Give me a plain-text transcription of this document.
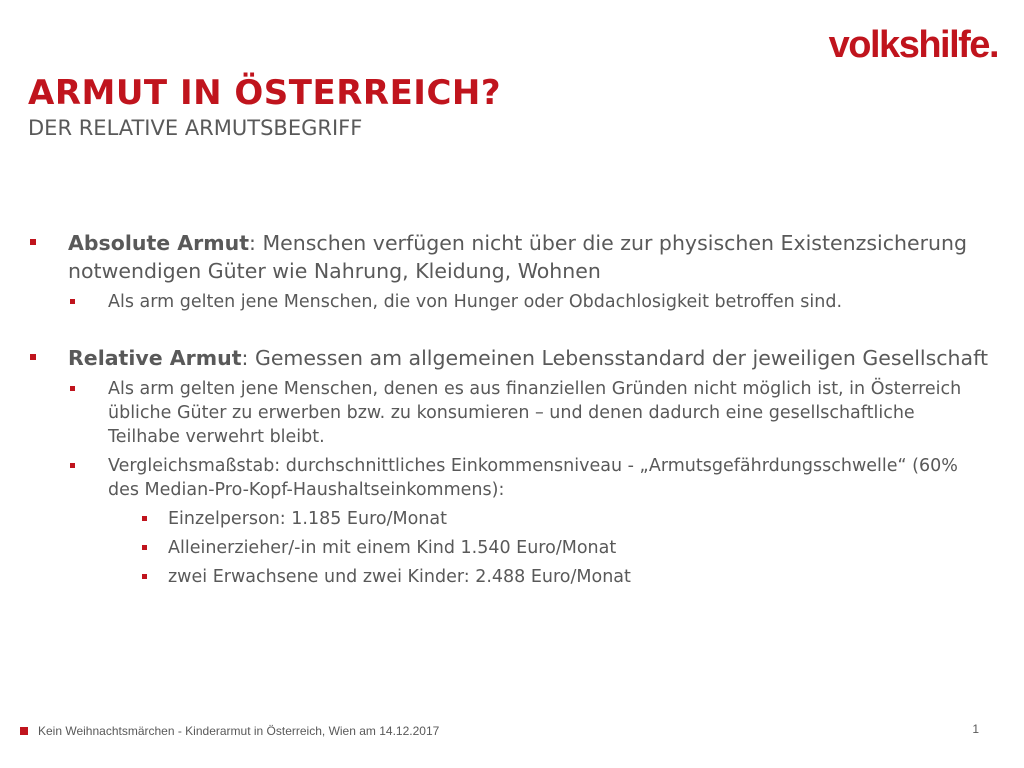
volkshilfe.
ARMUT IN ÖSTERREICH?
DER RELATIVE ARMUTSBEGRIFF
Absolute Armut: Menschen verfügen nicht über die zur physischen Existenzsicherung notwendigen Güter wie Nahrung, Kleidung, Wohnen
Als arm gelten jene Menschen, die von Hunger oder Obdachlosigkeit betroffen sind.
Relative Armut: Gemessen am allgemeinen Lebensstandard der jeweiligen Gesellschaft
Als arm gelten jene Menschen, denen es aus finanziellen Gründen nicht möglich ist, in Österreich übliche Güter zu erwerben bzw. zu konsumieren – und denen dadurch eine gesellschaftliche Teilhabe verwehrt bleibt.
Vergleichsmaßstab: durchschnittliches Einkommensniveau - „Armutsgefährdungsschwelle“ (60% des Median-Pro-Kopf-Haushaltseinkommens):
Einzelperson: 1.185 Euro/Monat
Alleinerzieher/-in mit einem Kind 1.540 Euro/Monat
zwei Erwachsene und zwei Kinder: 2.488 Euro/Monat
Kein Weihnachtsmärchen - Kinderarmut in Österreich, Wien am 14.12.2017	1
